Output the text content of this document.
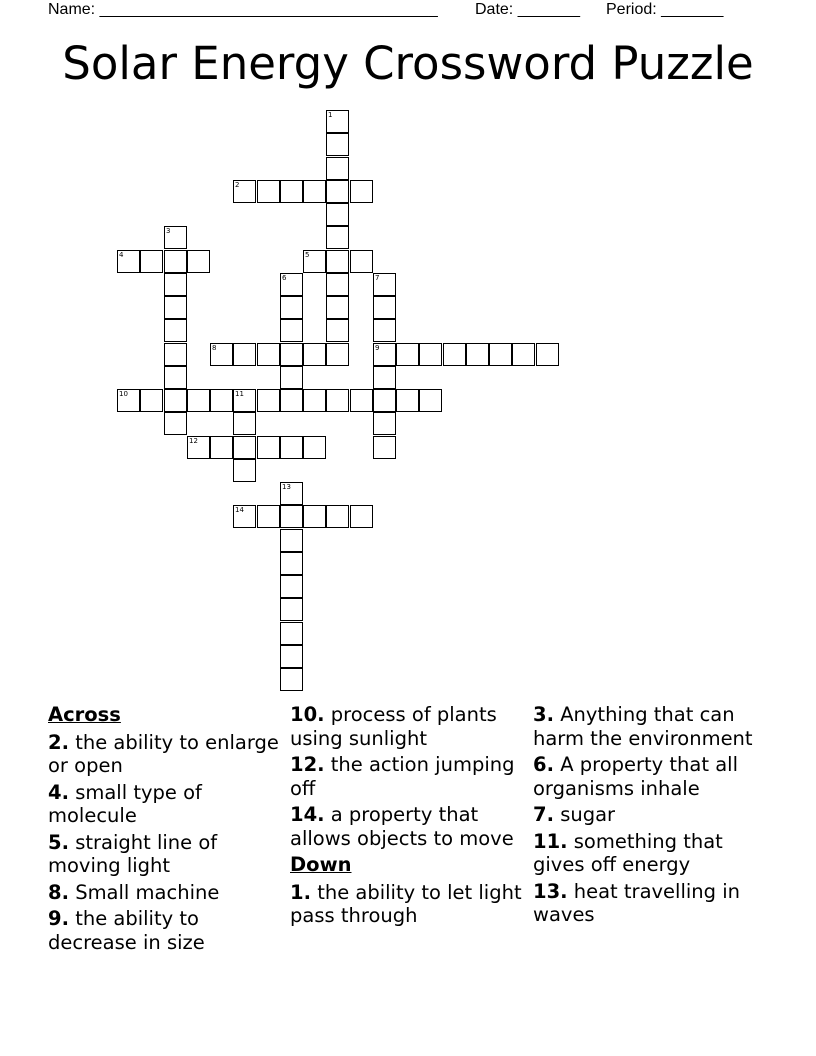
Name: ______________________________________ Date: _______ Period: _______
Solar Energy Crossword Puzzle
1
2
3
4	5
6	7
9
8
10	11
12
13
14
Across
2. the ability to enlarge or open
4. small type of molecule
5. straight line of moving light
8. Small machine
9. the ability to decrease in size
10. process of plants using sunlight
12. the action jumping off
14. a property that allows objects to move
Down
1. the ability to let light pass through
3. Anything that can harm the environment
6. A property that all organisms inhale
7. sugar
11. something that gives off energy
13. heat travelling in waves
